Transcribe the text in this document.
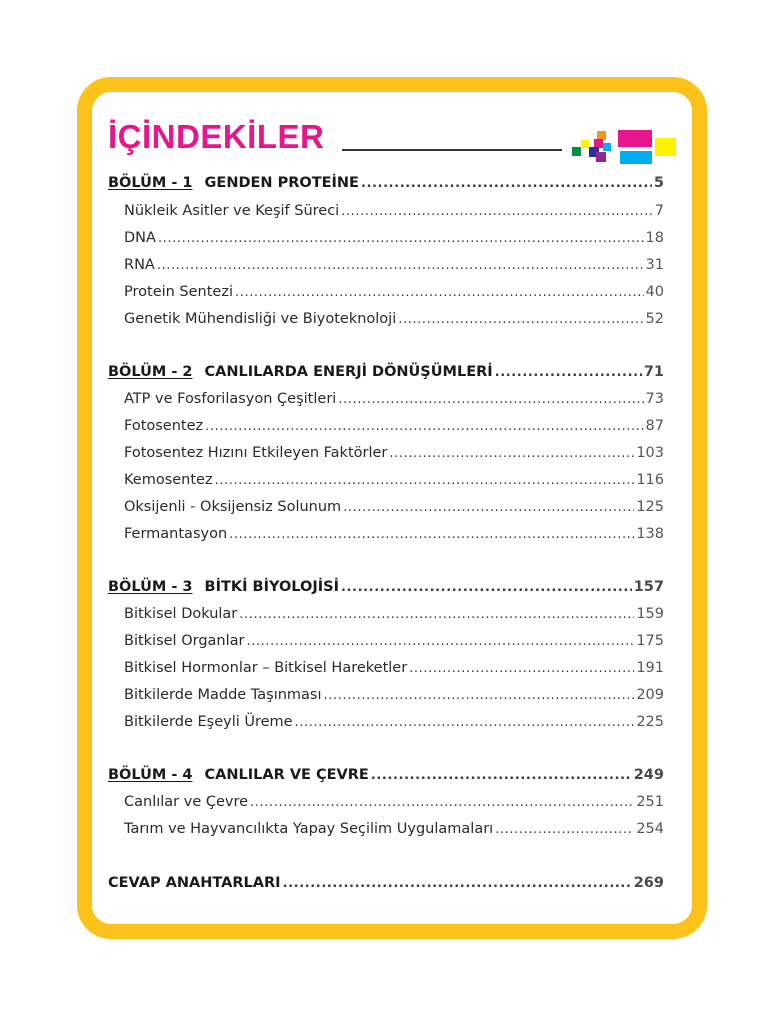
İÇİNDEKİLER
BÖLÜM - 1 GENDEN PROTEİNE .....	5
Nükleik Asitler ve Keşif Süreci .....	7
DNA .....	18
RNA .....	31
Protein Sentezi .....	40
Genetik Mühendisliği ve Biyoteknoloji .....	52
BÖLÜM - 2 CANLILARDA ENERJİ DÖNÜŞÜMLERİ .....	71
ATP ve Fosforilasyon Çeşitleri .....	73
Fotosentez .....	87
Fotosentez Hızını Etkileyen Faktörler .....	103
Kemosentez .....	116
Oksijenli - Oksijensiz Solunum .....	125
Fermantasyon .....	138
BÖLÜM - 3 BİTKİ BİYOLOJİSİ .....	157
Bitkisel Dokular .....	159
Bitkisel Organlar .....	175
Bitkisel Hormonlar – Bitkisel Hareketler .....	191
Bitkilerde Madde Taşınması .....	209
Bitkilerde Eşeyli Üreme .....	225
BÖLÜM - 4 CANLILAR VE ÇEVRE .....	249
Canlılar ve Çevre .....	251
Tarım ve Hayvancılıkta Yapay Seçilim Uygulamaları .....	254
CEVAP ANAHTARLARI .....	269
